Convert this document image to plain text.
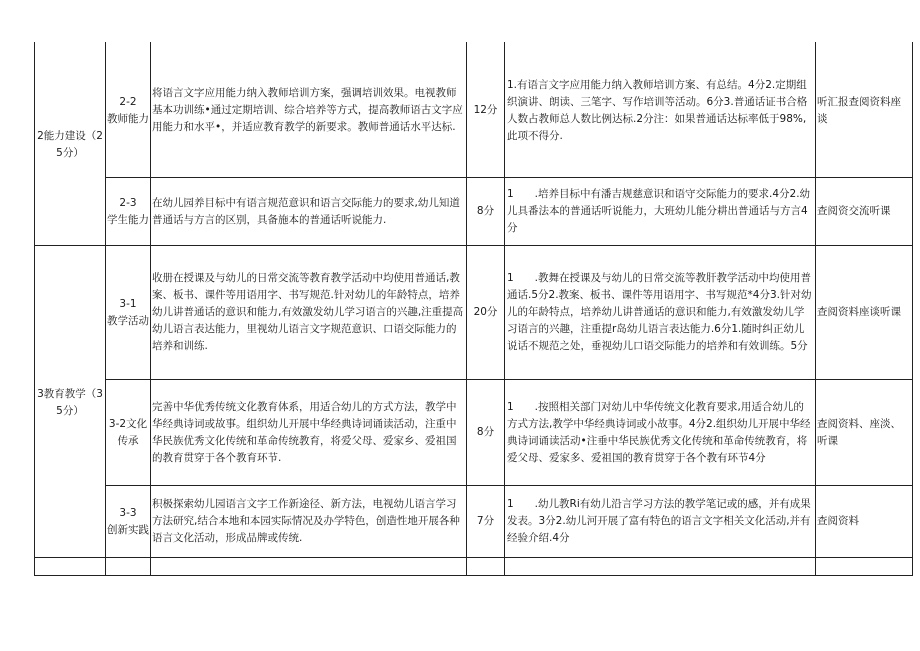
2能力建设（25分）
3教育教学（35分）
2-2
教师能力
将语言文字应用能力纳入教师培训方案，强调培训效果。电视教师基本功训练•通过定期培训、综合培养等方式，提高教师语古文字应用能力和水平•，并适应教育教学的新要求。教师普通话水平达标.
12分
1.有语言文字应用能力纳入教师培训方案、有总结。4分2.定期组织演讲、朗读、三笔字、写作培训等活动。6分3.普通话证书合格人数占教师总人数比例达标.2分注：如果普通话达标率低于98%,此项不得分.
听汇报查阅资料座谈
2-3
学生能力
在幼儿园养目标中有语言规范意识和语言交际能力的要求,幼儿知道普通话与方言的区别，具备施本的普通话听说能力.
8分
1　　.培养目标中有潘吉规慈意识和语守交际能力的要求.4分2.幼儿具番法本的普通话听说能力，大班幼儿能分耕出普通话与方言4分
查阅资交流听课
3-1
教学活动
收册在授课及与幼儿的日常交流等教育教学活动中均使用普通话,教案、板书、课件等用语用字、书写规范.针对幼儿的年龄特点，培养幼儿讲普通话的意识和能力,有效激发幼儿学习语言的兴趣,注重提高幼儿语言表达能力，里视幼儿语言文字规范意识、口语交际能力的培养和训练.
20分
1　　.教舞在授课及与幼儿的日常交流等教肝教学活动中均使用普通话.5分2.教案、板书、课件等用语用字、书写规范*4分3.针对幼儿的年龄特点，培养幼儿讲普通话的意识和能力,有效激发幼儿学习语言的兴趣，注重提r岛幼儿语言表达能力.6分1.随时纠正幼儿说话不规范之处，垂视幼儿口语交际能力的培养和有效训练。5分
查阅资料座谈听课
3-2文化传承
完善中华优秀传统文化教育体系，用适合幼儿的方式方法，教学中华经典诗词或故事。组织幼儿开展中华经典诗词诵读活动，注重中华民族优秀文化传统和革命传统教育，将爱父母、爱家乡、爱祖国的教育贯穿于各个教育环节.
8分
1　　.按照相关部门对幼儿中华传统文化教育要求,用适合幼儿的方式方法,教学中华经典诗词或小故事。4分2.组织幼儿开展中华经典诗词诵读活动•注垂中华民族优秀文化传统和革命传统教育，将爱父母、爱家多、爱祖国的教育贯穿于各个教有环节4分
查阅资料、座淡、听课
3-3
创新实践
积极探索幼儿园语言文字工作新途径、新方法，电视幼儿语言学习方法研究,结合本地和本园实际情况及办学特色，创造性地开展各种语言文化活动，形成品牌或传统.
7分
1　　.幼儿教Ri有幼儿沿言学习方法的教学笔记或的感，并有成果发表。3分2.幼儿河开展了富有特色的语言文字相关文化活动,并有经验介绍.4分
查阅资料
